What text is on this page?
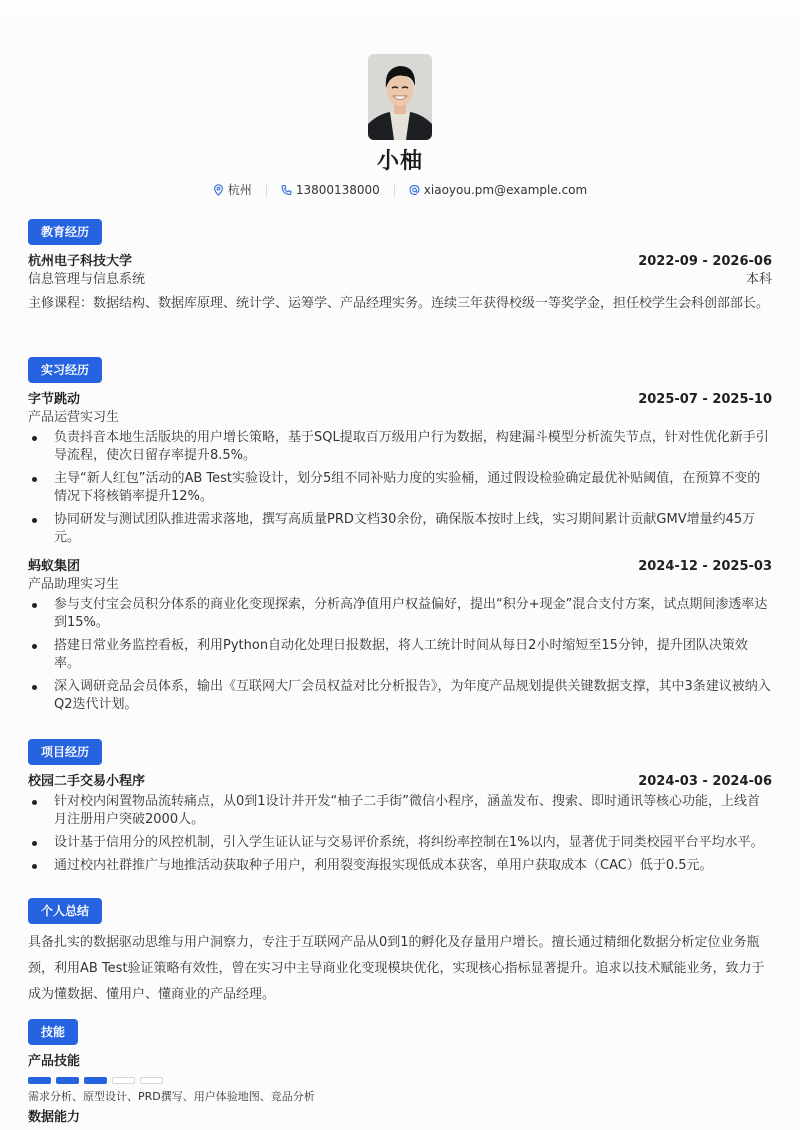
小柚
杭州	13800138000	xiaoyou.pm@example.com
教育经历
杭州电子科技大学	2022-09 - 2026-06
信息管理与信息系统	本科
主修课程：数据结构、数据库原理、统计学、运筹学、产品经理实务。连续三年获得校级一等奖学金，担任校学生会科创部部长。
实习经历
字节跳动	2025-07 - 2025-10
产品运营实习生
负责抖音本地生活版块的用户增长策略，基于SQL提取百万级用户行为数据，构建漏斗模型分析流失节点，针对性优化新手引导流程，使次日留存率提升8.5%。
主导“新人红包”活动的AB Test实验设计，划分5组不同补贴力度的实验桶，通过假设检验确定最优补贴阈值，在预算不变的情况下将核销率提升12%。
协同研发与测试团队推进需求落地，撰写高质量PRD文档30余份，确保版本按时上线，实习期间累计贡献GMV增量约45万元。
蚂蚁集团	2024-12 - 2025-03
产品助理实习生
参与支付宝会员积分体系的商业化变现探索，分析高净值用户权益偏好，提出“积分+现金”混合支付方案，试点期间渗透率达到15%。
搭建日常业务监控看板，利用Python自动化处理日报数据，将人工统计时间从每日2小时缩短至15分钟，提升团队决策效率。
深入调研竞品会员体系，输出《互联网大厂会员权益对比分析报告》，为年度产品规划提供关键数据支撑，其中3条建议被纳入Q2迭代计划。
项目经历
校园二手交易小程序	2024-03 - 2024-06
针对校内闲置物品流转痛点，从0到1设计并开发“柚子二手街”微信小程序，涵盖发布、搜索、即时通讯等核心功能，上线首月注册用户突破2000人。
设计基于信用分的风控机制，引入学生证认证与交易评价系统，将纠纷率控制在1%以内，显著优于同类校园平台平均水平。
通过校内社群推广与地推活动获取种子用户，利用裂变海报实现低成本获客，单用户获取成本（CAC）低于0.5元。
个人总结
具备扎实的数据驱动思维与用户洞察力，专注于互联网产品从0到1的孵化及存量用户增长。擅长通过精细化数据分析定位业务瓶颈，利用AB Test验证策略有效性，曾在实习中主导商业化变现模块优化，实现核心指标显著提升。追求以技术赋能业务，致力于成为懂数据、懂用户、懂商业的产品经理。
技能
产品技能
需求分析、原型设计、PRD撰写、用户体验地图、竞品分析
数据能力
